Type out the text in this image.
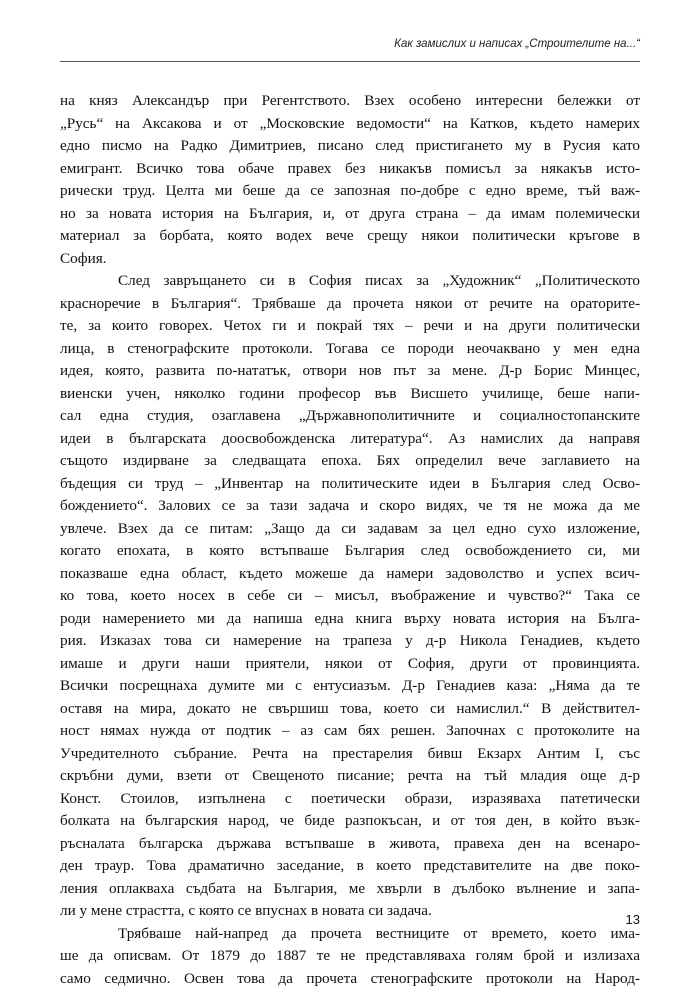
Как замислих и написах „Строителите на...“
на княз Александър при Регентството. Взех особено интересни бележки от
„Русь“ на Аксакова и от „Московские ведомости“ на Катков, където намерих
едно писмо на Радко Димитриев, писано след пристигането му в Русия като
емигрант. Всичко това обаче правех без никакъв помисъл за някакъв исто-
рически труд. Целта ми беше да се запозная по-добре с едно време, тъй важ-
но за новата история на България, и, от друга страна – да имам полемически
материал за борбата, която водех вече срещу някои политически кръгове в
София.
След завръщането си в София писах за „Художник“ „Политическото
красноречие в България“. Трябваше да прочета някои от речите на ораторите-
те, за които говорех. Четох ги и покрай тях – речи и на други политически
лица, в стенографските протоколи. Тогава се породи неочаквано у мен една
идея, която, развита по-нататък, отвори нов път за мене. Д-р Борис Минцес,
виенски учен, няколко години професор във Висшето училище, беше напи-
сал една студия, озаглавена „Държавнополитичните и социалностопанските
идеи в българската доосвобожденска литература“. Аз намислих да направя
същото издирване за следващата епоха. Бях определил вече заглавието на
бъдещия си труд – „Инвентар на политическите идеи в България след Осво-
бождението“. Залових се за тази задача и скоро видях, че тя не можа да ме
увлече. Взех да се питам: „Защо да си задавам за цел едно сухо изложение,
когато епохата, в която встъпваше България след освобождението си, ми
показваше една област, където можеше да намери задоволство и успех всич-
ко това, което носех в себе си – мисъл, въображение и чувство?“ Така се
роди намерението ми да напиша една книга върху новата история на Бълга-
рия. Изказах това си намерение на трапеза у д-р Никола Генадиев, където
имаше и други наши приятели, някои от София, други от провинцията.
Всички посрещнаха думите ми с ентусиазъм. Д-р Генадиев каза: „Няма да те
оставя на мира, докато не свършиш това, което си намислил.“ В действител-
ност нямах нужда от подтик – аз сам бях решен. Започнах с протоколите на
Учредителното събрание. Речта на престарелия бивш Екзарх Антим I, със
скръбни думи, взети от Свещеното писание; речта на тъй младия още д-р
Конст. Стоилов, изпълнена с поетически образи, изразяваха патетически
болката на българския народ, че биде разпокъсан, и от тоя ден, в който възк-
ръсналата българска държава встъпваше в живота, правеха ден на всенаро-
ден траур. Това драматично заседание, в което представителите на две поко-
ления оплакваха съдбата на България, ме хвърли в дълбоко вълнение и запа-
ли у мене страстта, с която се впуснах в новата си задача.
Трябваше най-напред да прочета вестниците от времето, което има-
ше да описвам. От 1879 до 1887 те не представляваха голям брой и излизаха
само седмично. Освен това да прочета стенографските протоколи на Народ-
13
